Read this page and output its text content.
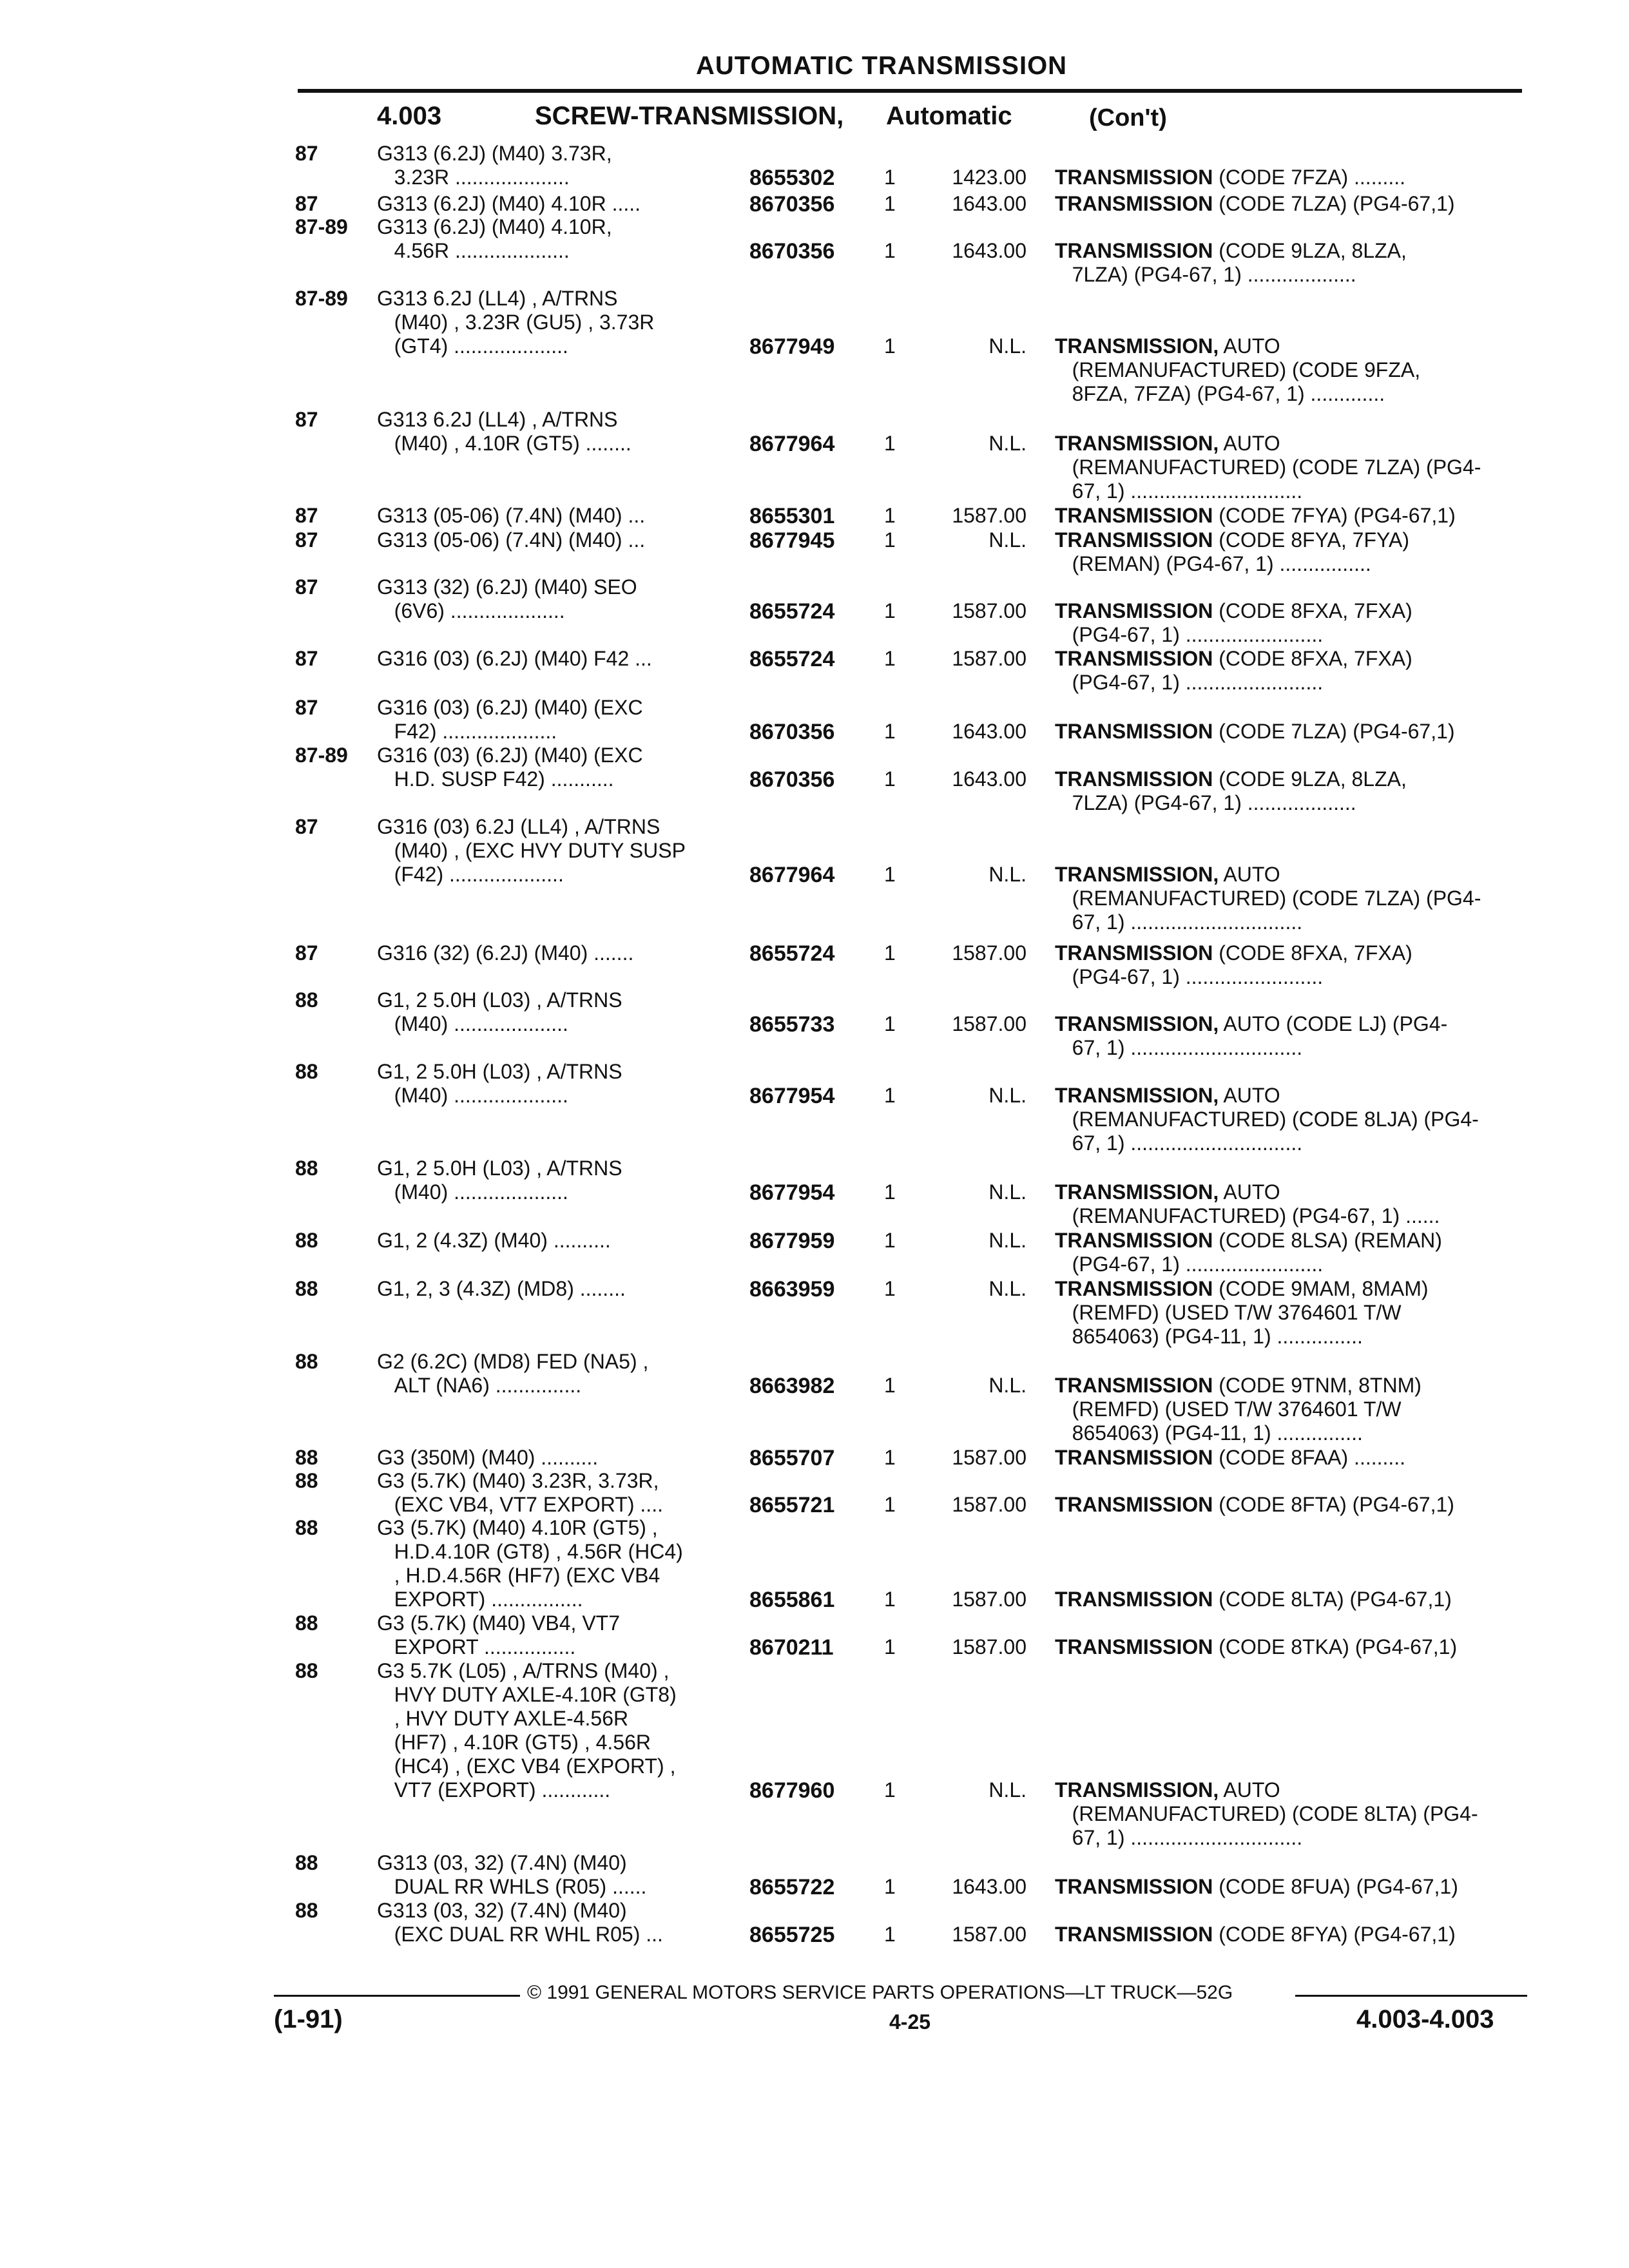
AUTOMATIC TRANSMISSION
4.003	SCREW-TRANSMISSION, Automatic	(Con't)
87	G313 (6.2J) (M40) 3.73R,
3.23R ....................	8655302 1	1423.00 TRANSMISSION (CODE 7FZA) .........
87	G313 (6.2J) (M40) 4.10R .....	8670356 1	1643.00 TRANSMISSION (CODE 7LZA) (PG4-67,1)
87-89	G313 (6.2J) (M40) 4.10R,
4.56R ....................	8670356 1	1643.00 TRANSMISSION (CODE 9LZA, 8LZA,
7LZA) (PG4-67, 1) ...................
87-89	G313 6.2J (LL4) , A/TRNS
(M40) , 3.23R (GU5) , 3.73R
(GT4) ....................	8677949 1	N.L. TRANSMISSION, AUTO
(REMANUFACTURED) (CODE 9FZA,
8FZA, 7FZA) (PG4-67, 1) .............
87	G313 6.2J (LL4) , A/TRNS
(M40) , 4.10R (GT5) ........	8677964 1	N.L. TRANSMISSION, AUTO
(REMANUFACTURED) (CODE 7LZA) (PG4-
67, 1) ..............................
87	G313 (05-06) (7.4N) (M40) ...	8655301 1	1587.00 TRANSMISSION (CODE 7FYA) (PG4-67,1)
87	G313 (05-06) (7.4N) (M40) ...	8677945 1	N.L. TRANSMISSION (CODE 8FYA, 7FYA)
(REMAN) (PG4-67, 1) ................
87	G313 (32) (6.2J) (M40) SEO
(6V6) ....................	8655724 1	1587.00 TRANSMISSION (CODE 8FXA, 7FXA)
(PG4-67, 1) ........................
87	G316 (03) (6.2J) (M40) F42 ...	8655724 1	1587.00 TRANSMISSION (CODE 8FXA, 7FXA)
(PG4-67, 1) ........................
87	G316 (03) (6.2J) (M40) (EXC
F42) ....................	8670356 1	1643.00 TRANSMISSION (CODE 7LZA) (PG4-67,1)
87-89	G316 (03) (6.2J) (M40) (EXC
H.D. SUSP F42) ...........	8670356 1	1643.00 TRANSMISSION (CODE 9LZA, 8LZA,
7LZA) (PG4-67, 1) ...................
87	G316 (03) 6.2J (LL4) , A/TRNS
(M40) , (EXC HVY DUTY SUSP
(F42) ....................	8677964 1	N.L. TRANSMISSION, AUTO
(REMANUFACTURED) (CODE 7LZA) (PG4-
67, 1) ..............................
87	G316 (32) (6.2J) (M40) .......	8655724 1	1587.00 TRANSMISSION (CODE 8FXA, 7FXA)
(PG4-67, 1) ........................
88	G1, 2 5.0H (L03) , A/TRNS
(M40) ....................	8655733 1	1587.00 TRANSMISSION, AUTO (CODE LJ) (PG4-
67, 1) ..............................
88	G1, 2 5.0H (L03) , A/TRNS
(M40) ....................	8677954 1	N.L. TRANSMISSION, AUTO
(REMANUFACTURED) (CODE 8LJA) (PG4-
67, 1) ..............................
88	G1, 2 5.0H (L03) , A/TRNS
(M40) ....................	8677954 1	N.L. TRANSMISSION, AUTO
(REMANUFACTURED) (PG4-67, 1) ......
88	G1, 2 (4.3Z) (M40) ..........	8677959 1	N.L. TRANSMISSION (CODE 8LSA) (REMAN)
(PG4-67, 1) ........................
88	G1, 2, 3 (4.3Z) (MD8) ........	8663959 1	N.L. TRANSMISSION (CODE 9MAM, 8MAM)
(REMFD) (USED T/W 3764601 T/W
8654063) (PG4-11, 1) ...............
88	G2 (6.2C) (MD8) FED (NA5) ,
ALT (NA6) ...............	8663982 1	N.L. TRANSMISSION (CODE 9TNM, 8TNM)
(REMFD) (USED T/W 3764601 T/W
8654063) (PG4-11, 1) ...............
88	G3 (350M) (M40) ..........	8655707 1	1587.00 TRANSMISSION (CODE 8FAA) .........
88	G3 (5.7K) (M40) 3.23R, 3.73R,
(EXC VB4, VT7 EXPORT) ....	8655721 1	1587.00 TRANSMISSION (CODE 8FTA) (PG4-67,1)
88	G3 (5.7K) (M40) 4.10R (GT5) ,
H.D.4.10R (GT8) , 4.56R (HC4)
, H.D.4.56R (HF7) (EXC VB4
EXPORT) ................	8655861 1	1587.00 TRANSMISSION (CODE 8LTA) (PG4-67,1)
88	G3 (5.7K) (M40) VB4, VT7
EXPORT ................	8670211 1	1587.00 TRANSMISSION (CODE 8TKA) (PG4-67,1)
88	G3 5.7K (L05) , A/TRNS (M40) ,
HVY DUTY AXLE-4.10R (GT8)
, HVY DUTY AXLE-4.56R
(HF7) , 4.10R (GT5) , 4.56R
(HC4) , (EXC VB4 (EXPORT) ,
VT7 (EXPORT) ............	8677960 1	N.L. TRANSMISSION, AUTO
(REMANUFACTURED) (CODE 8LTA) (PG4-
67, 1) ..............................
88	G313 (03, 32) (7.4N) (M40)
DUAL RR WHLS (R05) ......	8655722 1	1643.00 TRANSMISSION (CODE 8FUA) (PG4-67,1)
88	G313 (03, 32) (7.4N) (M40)
(EXC DUAL RR WHL R05) ...	8655725 1	1587.00 TRANSMISSION (CODE 8FYA) (PG4-67,1)
© 1991 GENERAL MOTORS SERVICE PARTS OPERATIONS—LT TRUCK—52G
(1-91)	4-25	4.003-4.003
